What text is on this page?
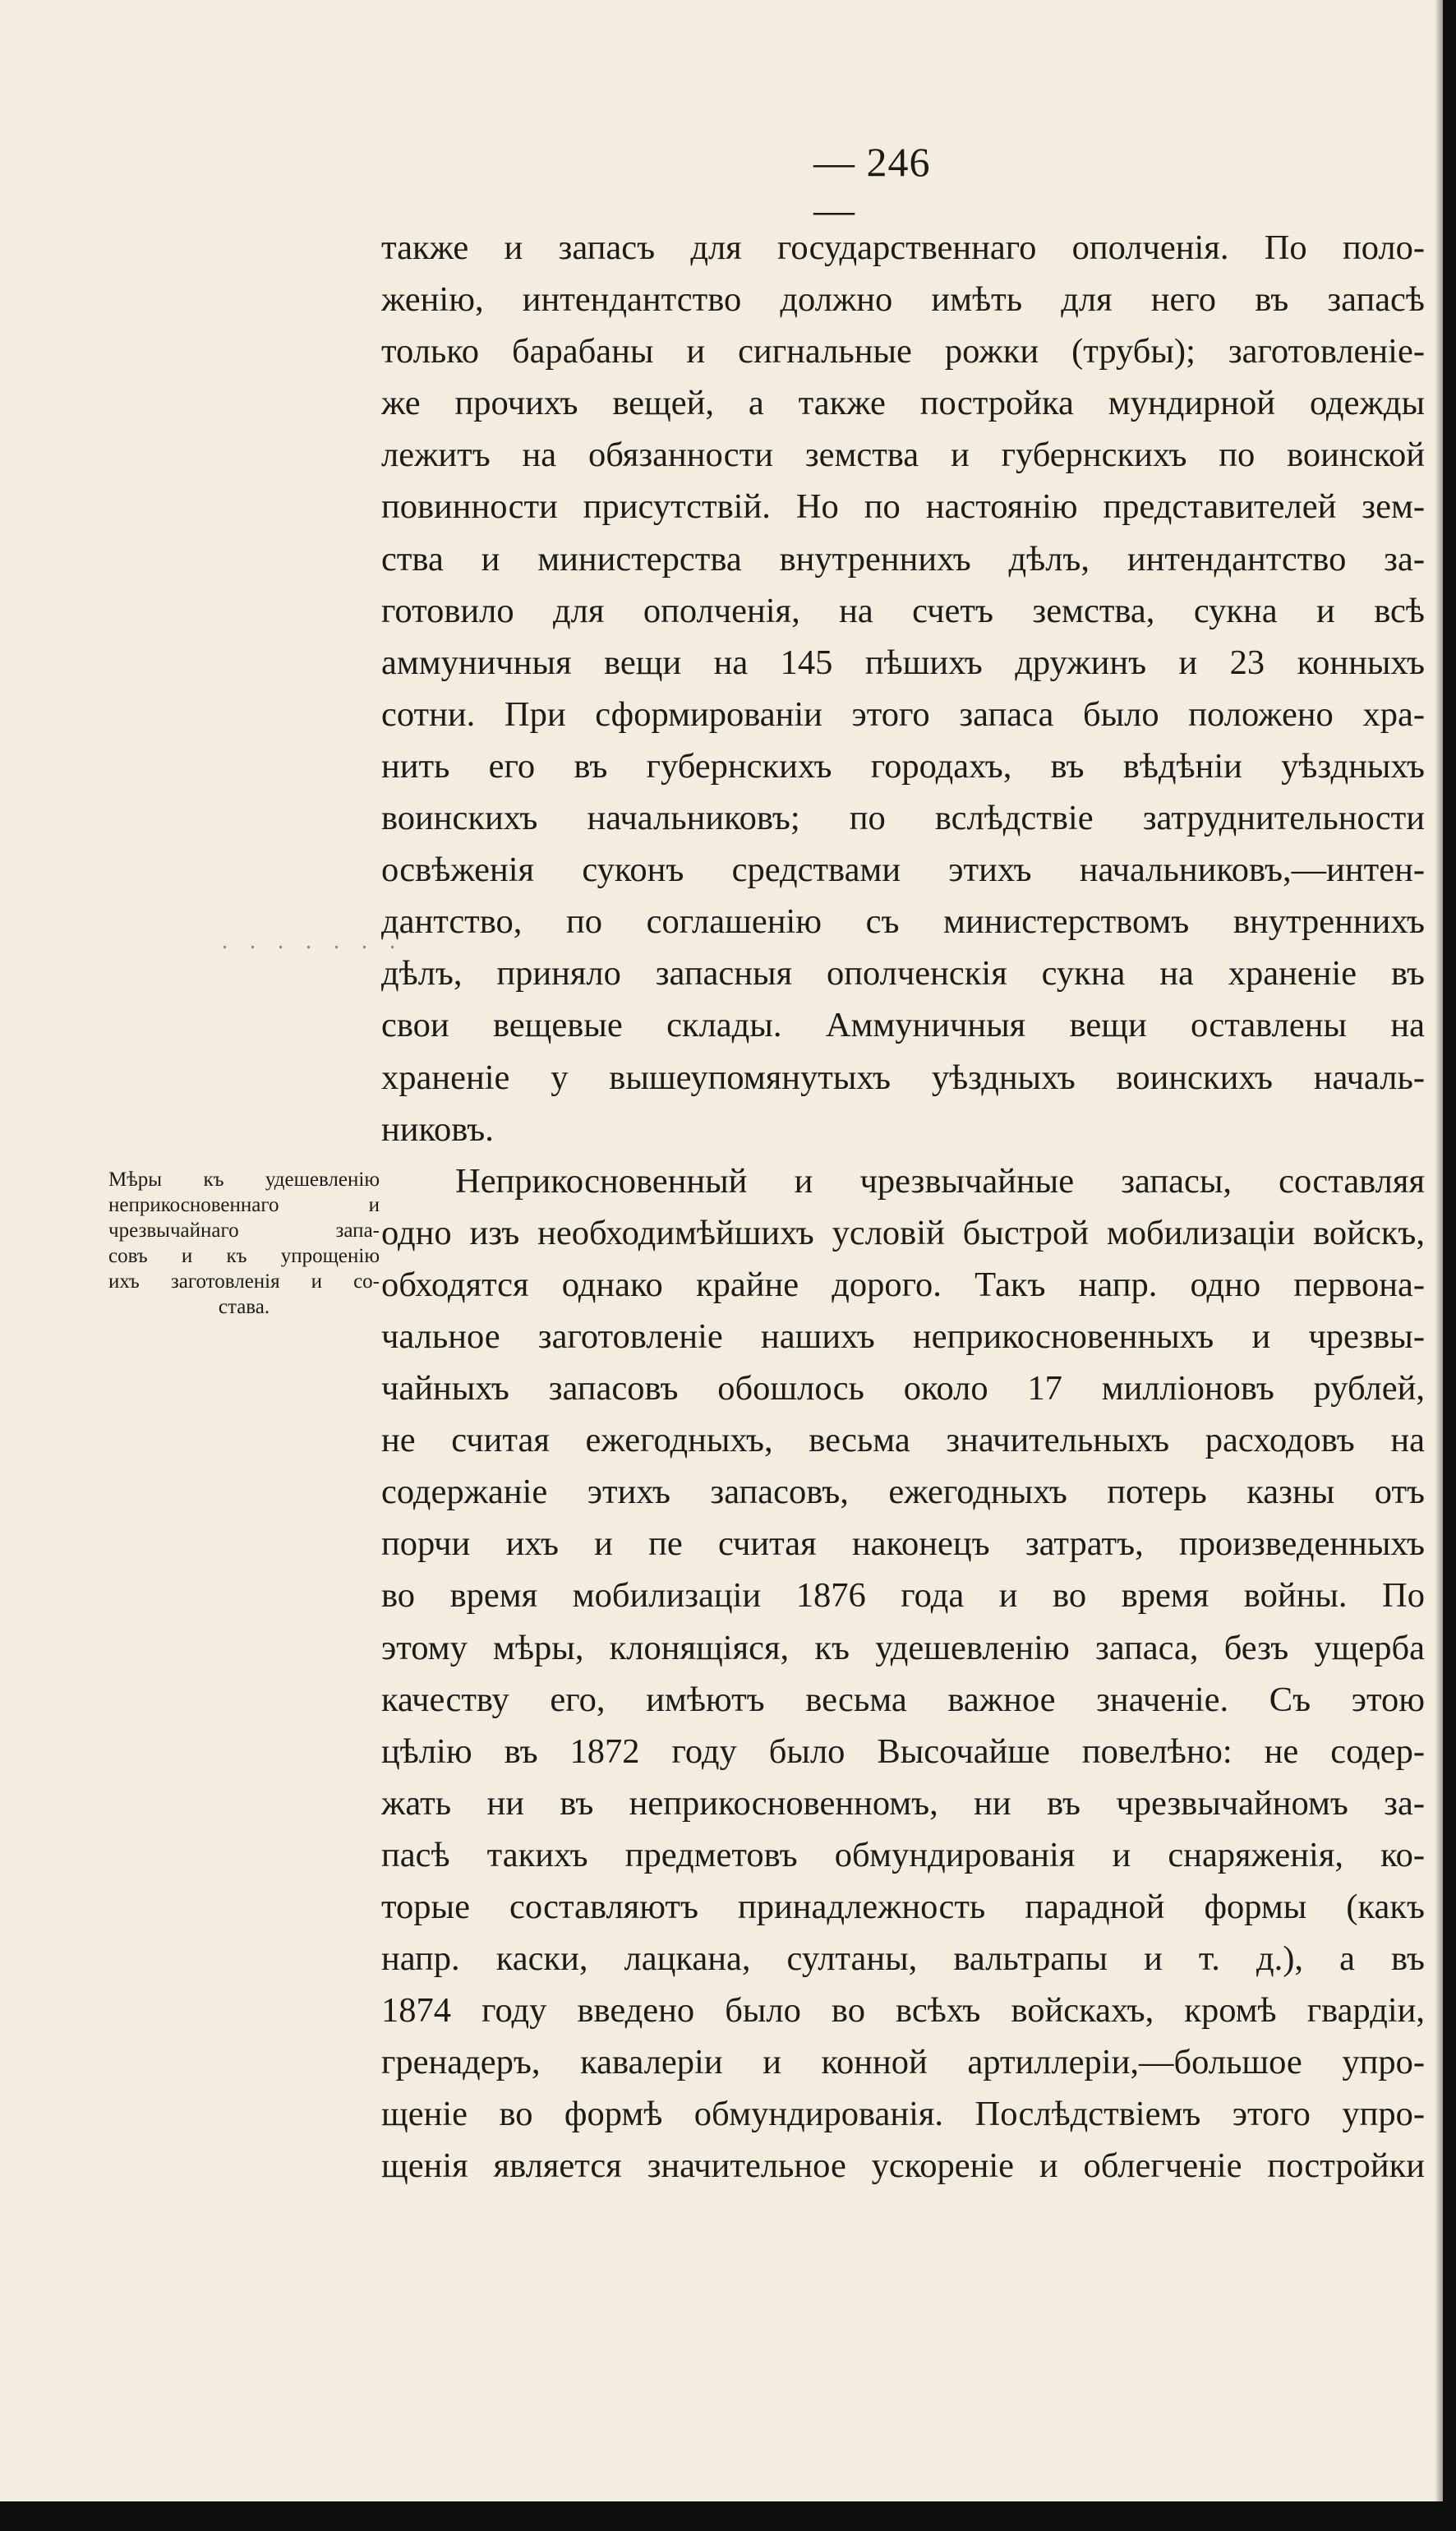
— 246 —
. . . . . . .
Мѣры къ удешевленію
неприкосновеннаго и
чрезвычайнаго запа-
совъ и къ упрощенію
ихъ заготовленія и со-
става.
также и запасъ для государственнаго ополченія. По поло-
женію, интендантство должно имѣть для него въ запасѣ
только барабаны и сигнальные рожки (трубы); заготовленіе-
же прочихъ вещей, а также постройка мундирной одежды
лежитъ на обязанности земства и губернскихъ по воинской
повинности присутствій. Но по настоянію представителей зем-
ства и министерства внутреннихъ дѣлъ, интендантство за-
готовило для ополченія, на счетъ земства, сукна и всѣ
аммуничныя вещи на 145 пѣшихъ дружинъ и 23 конныхъ
сотни. При сформированіи этого запаса было положено хра-
нить его въ губернскихъ городахъ, въ вѣдѣніи уѣздныхъ
воинскихъ начальниковъ; по вслѣдствіе затруднительности
освѣженія суконъ средствами этихъ начальниковъ,—интен-
дантство, по соглашенію съ министерствомъ внутреннихъ
дѣлъ, приняло запасныя ополченскія сукна на храненіе въ
свои вещевые склады. Аммуничныя вещи оставлены на
храненіе у вышеупомянутыхъ уѣздныхъ воинскихъ началь-
никовъ.
Неприкосновенный и чрезвычайные запасы, составляя
одно изъ необходимѣйшихъ условій быстрой мобилизаціи войскъ,
обходятся однако крайне дорого. Такъ напр. одно первона-
чальное заготовленіе нашихъ неприкосновенныхъ и чрезвы-
чайныхъ запасовъ обошлось около 17 милліоновъ рублей,
не считая ежегодныхъ, весьма значительныхъ расходовъ на
содержаніе этихъ запасовъ, ежегодныхъ потерь казны отъ
порчи ихъ и пе считая наконецъ затратъ, произведенныхъ
во время мобилизаціи 1876 года и во время войны. По
этому мѣры, клонящіяся, къ удешевленію запаса, безъ ущерба
качеству его, имѣютъ весьма важное значеніе. Съ этою
цѣлію въ 1872 году было Высочайше повелѣно: не содер-
жать ни въ неприкосновенномъ, ни въ чрезвычайномъ за-
пасѣ такихъ предметовъ обмундированія и снаряженія, ко-
торые составляютъ принадлежность парадной формы (какъ
напр. каски, лацкана, султаны, вальтрапы и т. д.), а въ
1874 году введено было во всѣхъ войскахъ, кромѣ гвардіи,
гренадеръ, кавалеріи и конной артиллеріи,—большое упро-
щеніе во формѣ обмундированія. Послѣдствіемъ этого упро-
щенія является значительное ускореніе и облегченіе постройки
